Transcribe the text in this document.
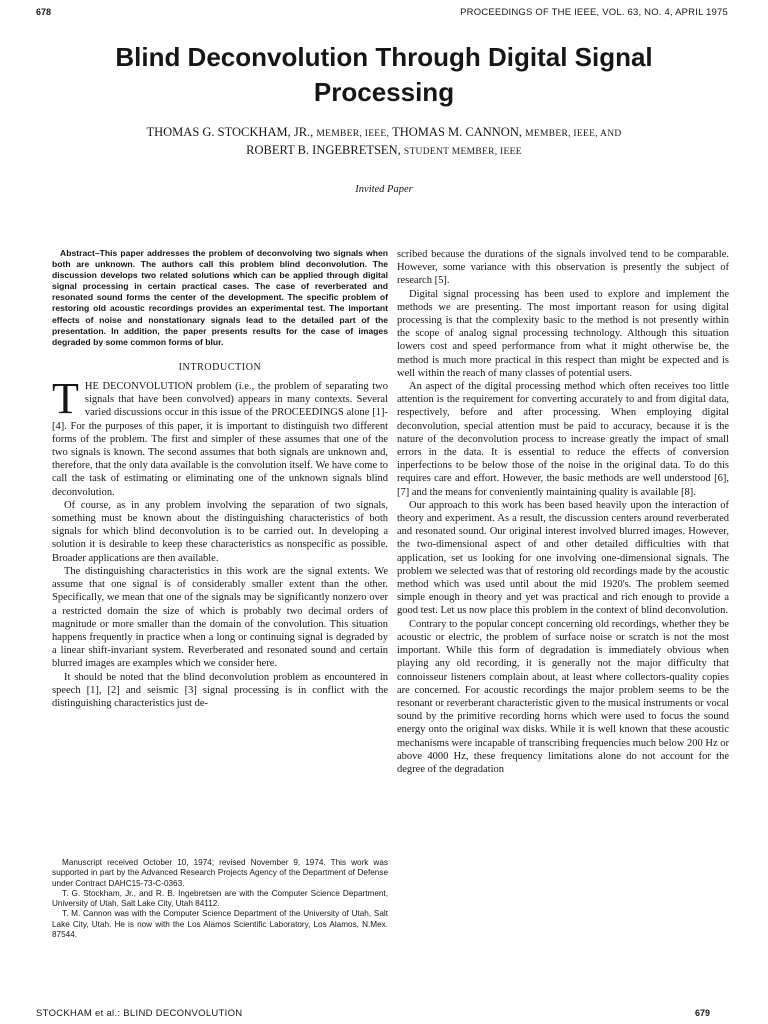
678	PROCEEDINGS OF THE IEEE, VOL. 63, NO. 4, APRIL 1975
Blind Deconvolution Through Digital Signal Processing
THOMAS G. STOCKHAM, JR., MEMBER, IEEE, THOMAS M. CANNON, MEMBER, IEEE, AND
ROBERT B. INGEBRETSEN, STUDENT MEMBER, IEEE
Invited Paper
Abstract–This paper addresses the problem of deconvolving two signals when both are unknown. The authors call this problem blind deconvolution. The discussion develops two related solutions which can be applied through digital signal processing in certain practical cases. The case of reverberated and resonated sound forms the center of the development. The specific problem of restoring old acoustic recordings provides an experimental test. The important effects of noise and nonstationary signals lead to the detailed part of the presentation. In addition, the paper presents results for the case of images degraded by some common forms of blur.
INTRODUCTION

THE DECONVOLUTION problem (i.e., the problem of separating two signals that have been convolved) appears in many contexts. Several varied discussions occur in this issue of the PROCEEDINGS alone [1]-[4]. For the purposes of this paper, it is important to distinguish two different forms of the problem. The first and simpler of these assumes that one of the two signals is known. The second assumes that both signals are unknown and, therefore, that the only data available is the convolution itself. We have come to call the task of estimating or eliminating one of the unknown signals blind deconvolution.

Of course, as in any problem involving the separation of two signals, something must be known about the distinguishing characteristics of both signals for which blind deconvolution is to be carried out. In developing a solution it is desirable to keep these characteristics as nonspecific as possible. Broader applications are then available.

The distinguishing characteristics in this work are the signal extents. We assume that one signal is of considerably smaller extent than the other. Specifically, we mean that one of the signals may be significantly nonzero over a restricted domain the size of which is probably two decimal orders of magnitude or more smaller than the domain of the convolution. This situation happens frequently in practice when a long or continuing signal is degraded by a linear shift-invariant system. Reverberated and resonated sound and certain blurred images are examples which we consider here.

It should be noted that the blind deconvolution problem as encountered in speech [1], [2] and seismic [3] signal processing is in conflict with the distinguishing characteristics just de-

Manuscript received October 10, 1974; revised November 9, 1974. This work was supported in part by the Advanced Research Projects Agency of the Department of Defense under Contract DAHC15-73-C-0363.

T. G. Stockham, Jr., and R. B. Ingebretsen are with the Computer Science Department, University of Utah, Salt Lake City, Utah 84112.

T. M. Cannon was with the Computer Science Department of the University of Utah, Salt Lake City, Utah. He is now with the Los Alamos Scientific Laboratory, Los Alamos, N.Mex. 87544.

scribed because the durations of the signals involved tend to be comparable. However, some variance with this observation is presently the subject of research [5].

Digital signal processing has been used to explore and implement the methods we are presenting. The most important reason for using digital processing is that the complexity basic to the method is not presently within the scope of analog signal processing technology. Although this situation lowers cost and speed performance from what it might otherwise be, the method is much more practical in this respect than might be expected and is well within the reach of many classes of potential users.

An aspect of the digital processing method which often receives too little attention is the requirement for converting accurately to and from digital data, respectively, before and after processing. When employing digital deconvolution, special attention must be paid to accuracy, because it is the nature of the deconvolution process to increase greatly the impact of small errors in the data. It is essential to reduce the effects of conversion inperfections to be below those of the noise in the original data. To do this requires care and effort. However, the basic methods are well understood [6], [7] and the means for conveniently maintaining quality is available [8].

Our approach to this work has been based heavily upon the interaction of theory and experiment. As a result, the discussion centers around reverberated and resonated sound. Our original interest involved blurred images. However, the two-dimensional aspect of and other detailed difficulties with that application, set us looking for one involving one-dimensional signals. The problem we selected was that of restoring old recordings made by the acoustic method which was used until about the mid 1920's. The problem seemed simple enough in theory and yet was practical and rich enough to provide a good test. Let us now place this problem in the context of blind deconvolution.

Contrary to the popular concept concerning old recordings, whether they be acoustic or electric, the problem of surface noise or scratch is not the most important. While this form of degradation is immediately obvious when playing any old recording, it is generally not the major difficulty that connoisseur listeners complain about, at least where collectors-quality copies are concerned. For acoustic recordings the major problem seems to be the resonant or reverberant characteristic given to the musical instruments or vocal sound by the primitive recording horns which were used to focus the sound energy onto the original wax disks. While it is well known that these acoustic mechanisms were incapable of transcribing frequencies much below 200 Hz or above 4000 Hz, these frequency limitations alone do not account for the degree of the degradation

STOCKHAM et al.: BLIND DECONVOLUTION	679
